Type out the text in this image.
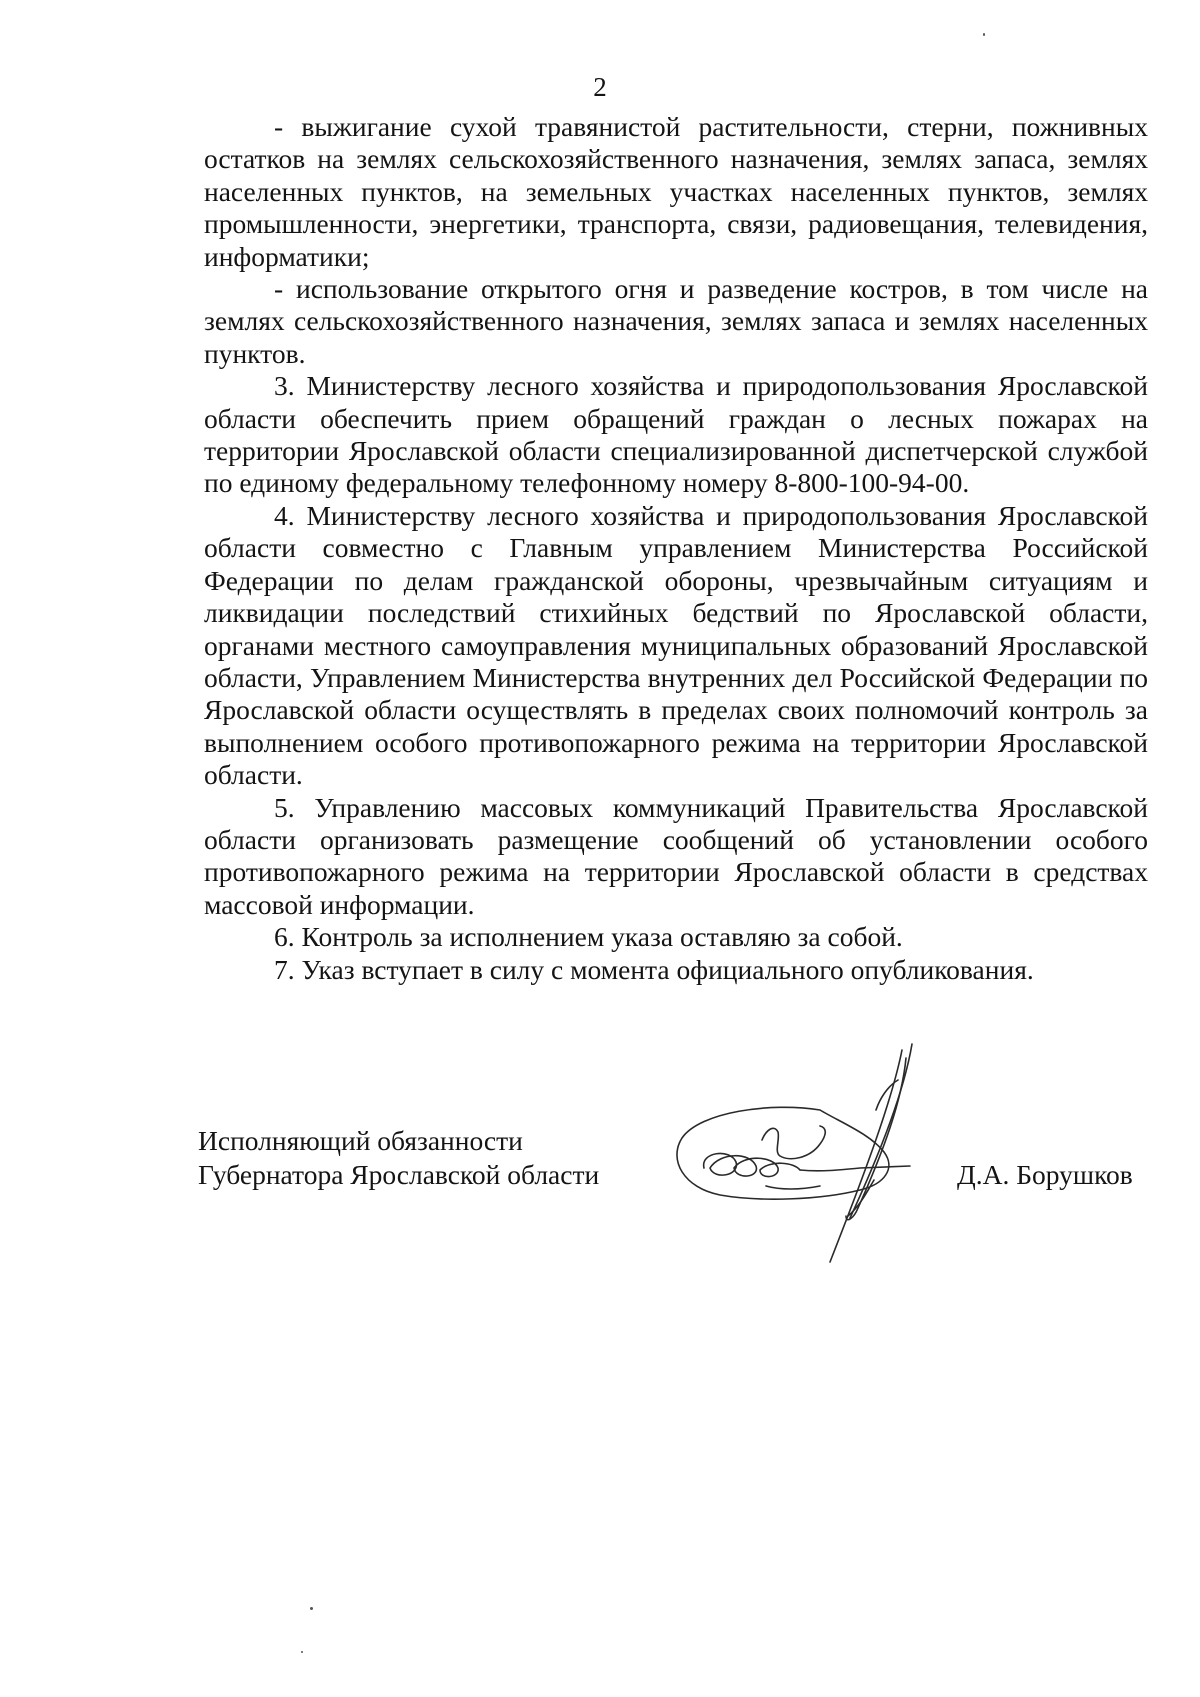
2

- выжигание сухой травянистой растительности, стерни, пожнивных остатков на землях сельскохозяйственного назначения, землях запаса, землях населенных пунктов, на земельных участках населенных пунктов, землях промышленности, энергетики, транспорта, связи, радиовещания, телевидения, информатики;

- использование открытого огня и разведение костров, в том числе на землях сельскохозяйственного назначения, землях запаса и землях населенных пунктов.

3. Министерству лесного хозяйства и природопользования Ярославской области обеспечить прием обращений граждан о лесных пожарах на территории Ярославской области специализированной диспетчерской службой по единому федеральному телефонному номеру 8-800-100-94-00.

4. Министерству лесного хозяйства и природопользования Ярославской области совместно с Главным управлением Министерства Российской Федерации по делам гражданской обороны, чрезвычайным ситуациям и ликвидации последствий стихийных бедствий по Ярославской области, органами местного самоуправления муниципальных образований Ярославской области, Управлением Министерства внутренних дел Российской Федерации по Ярославской области осуществлять в пределах своих полномочий контроль за выполнением особого противопожарного режима на территории Ярославской области.

5. Управлению массовых коммуникаций Правительства Ярославской области организовать размещение сообщений об установлении особого противопожарного режима на территории Ярославской области в средствах массовой информации.

6. Контроль за исполнением указа оставляю за собой.

7. Указ вступает в силу с момента официального опубликования.

Исполняющий обязанности
Губернатора Ярославской области	Д.А. Борушков
